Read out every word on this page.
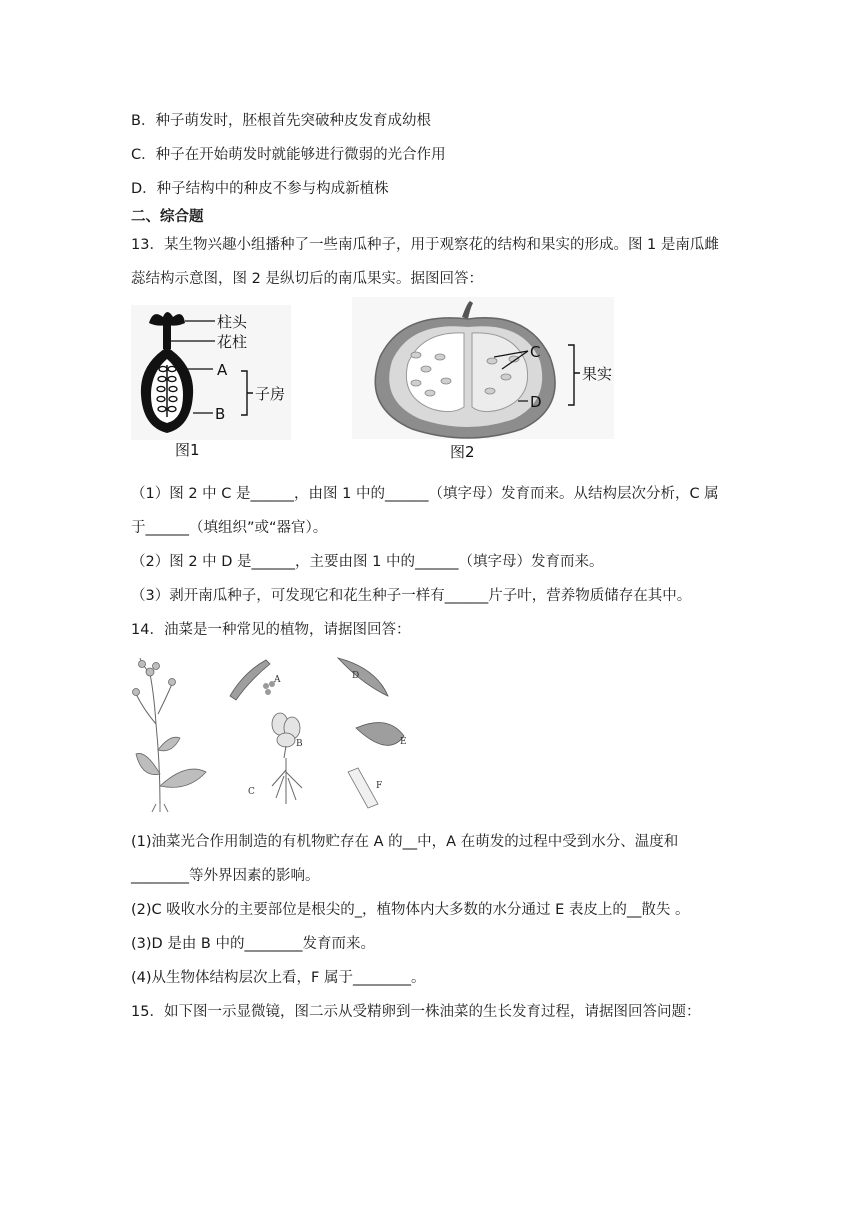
B．种子萌发时，胚根首先突破种皮发育成幼根
C．种子在开始萌发时就能够进行微弱的光合作用
D．种子结构中的种皮不参与构成新植株
二、综合题
13．某生物兴趣小组播种了一些南瓜种子，用于观察花的结构和果实的形成。图 1 是南瓜雌
蕊结构示意图，图 2 是纵切后的南瓜果实。据图回答：
柱头
花柱
A
B
子房
图1
C
D
果实
图2
（1）图 2 中 C 是______，由图 1 中的______（填字母）发育而来。从结构层次分析，C 属
于______（填组织”或“器官）。
（2）图 2 中 D 是______，主要由图 1 中的______（填字母）发育而来。
（3）剥开南瓜种子，可发现它和花生种子一样有______片子叶，营养物质储存在其中。
14．油菜是一种常见的植物，请据图回答：
A
B
C
D
E
F
(1)油菜光合作用制造的有机物贮存在 A 的__中，A 在萌发的过程中受到水分、温度和
________等外界因素的影响。
(2)C 吸收水分的主要部位是根尖的_，植物体内大多数的水分通过 E 表皮上的__散失 。
(3)D 是由 B 中的________发育而来。
(4)从生物体结构层次上看，F 属于________。
15．如下图一示显微镜，图二示从受精卵到一株油菜的生长发育过程，请据图回答问题：
